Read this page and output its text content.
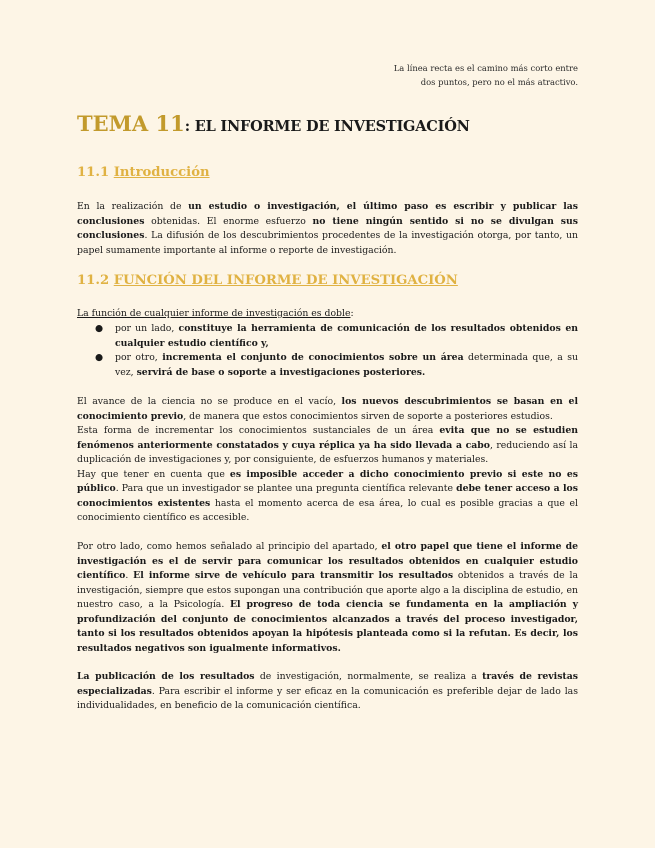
La línea recta es el camino más corto entre
dos puntos, pero no el más atractivo.
TEMA 11: EL INFORME DE INVESTIGACIÓN
11.1 Introducción

En la realización de un estudio o investigación, el último paso es escribir y publicar las conclusiones obtenidas. El enorme esfuerzo no tiene ningún sentido si no se divulgan sus conclusiones. La difusión de los descubrimientos procedentes de la investigación otorga, por tanto, un papel sumamente importante al informe o reporte de investigación.

11.2 FUNCIÓN DEL INFORME DE INVESTIGACIÓN

La función de cualquier informe de investigación es doble:

● por un lado, constituye la herramienta de comunicación de los resultados obtenidos en cualquier estudio científico y,
● por otro, incrementa el conjunto de conocimientos sobre un área determinada que, a su vez, servirá de base o soporte a investigaciones posteriores.

El avance de la ciencia no se produce en el vacío, los nuevos descubrimientos se basan en el conocimiento previo, de manera que estos conocimientos sirven de soporte a posteriores estudios.
Esta forma de incrementar los conocimientos sustanciales de un área evita que no se estudien fenómenos anteriormente constatados y cuya réplica ya ha sido llevada a cabo, reduciendo así la duplicación de investigaciones y, por consiguiente, de esfuerzos humanos y materiales.
Hay que tener en cuenta que es imposible acceder a dicho conocimiento previo si este no es público. Para que un investigador se plantee una pregunta científica relevante debe tener acceso a los conocimientos existentes hasta el momento acerca de esa área, lo cual es posible gracias a que el conocimiento científico es accesible.

Por otro lado, como hemos señalado al principio del apartado, el otro papel que tiene el informe de investigación es el de servir para comunicar los resultados obtenidos en cualquier estudio científico. El informe sirve de vehículo para transmitir los resultados obtenidos a través de la investigación, siempre que estos supongan una contribución que aporte algo a la disciplina de estudio, en nuestro caso, a la Psicología. El progreso de toda ciencia se fundamenta en la ampliación y profundización del conjunto de conocimientos alcanzados a través del proceso investigador, tanto si los resultados obtenidos apoyan la hipótesis planteada como si la refutan. Es decir, los resultados negativos son igualmente informativos.

La publicación de los resultados de investigación, normalmente, se realiza a través de revistas especializadas. Para escribir el informe y ser eficaz en la comunicación es preferible dejar de lado las individualidades, en beneficio de la comunicación científica.
